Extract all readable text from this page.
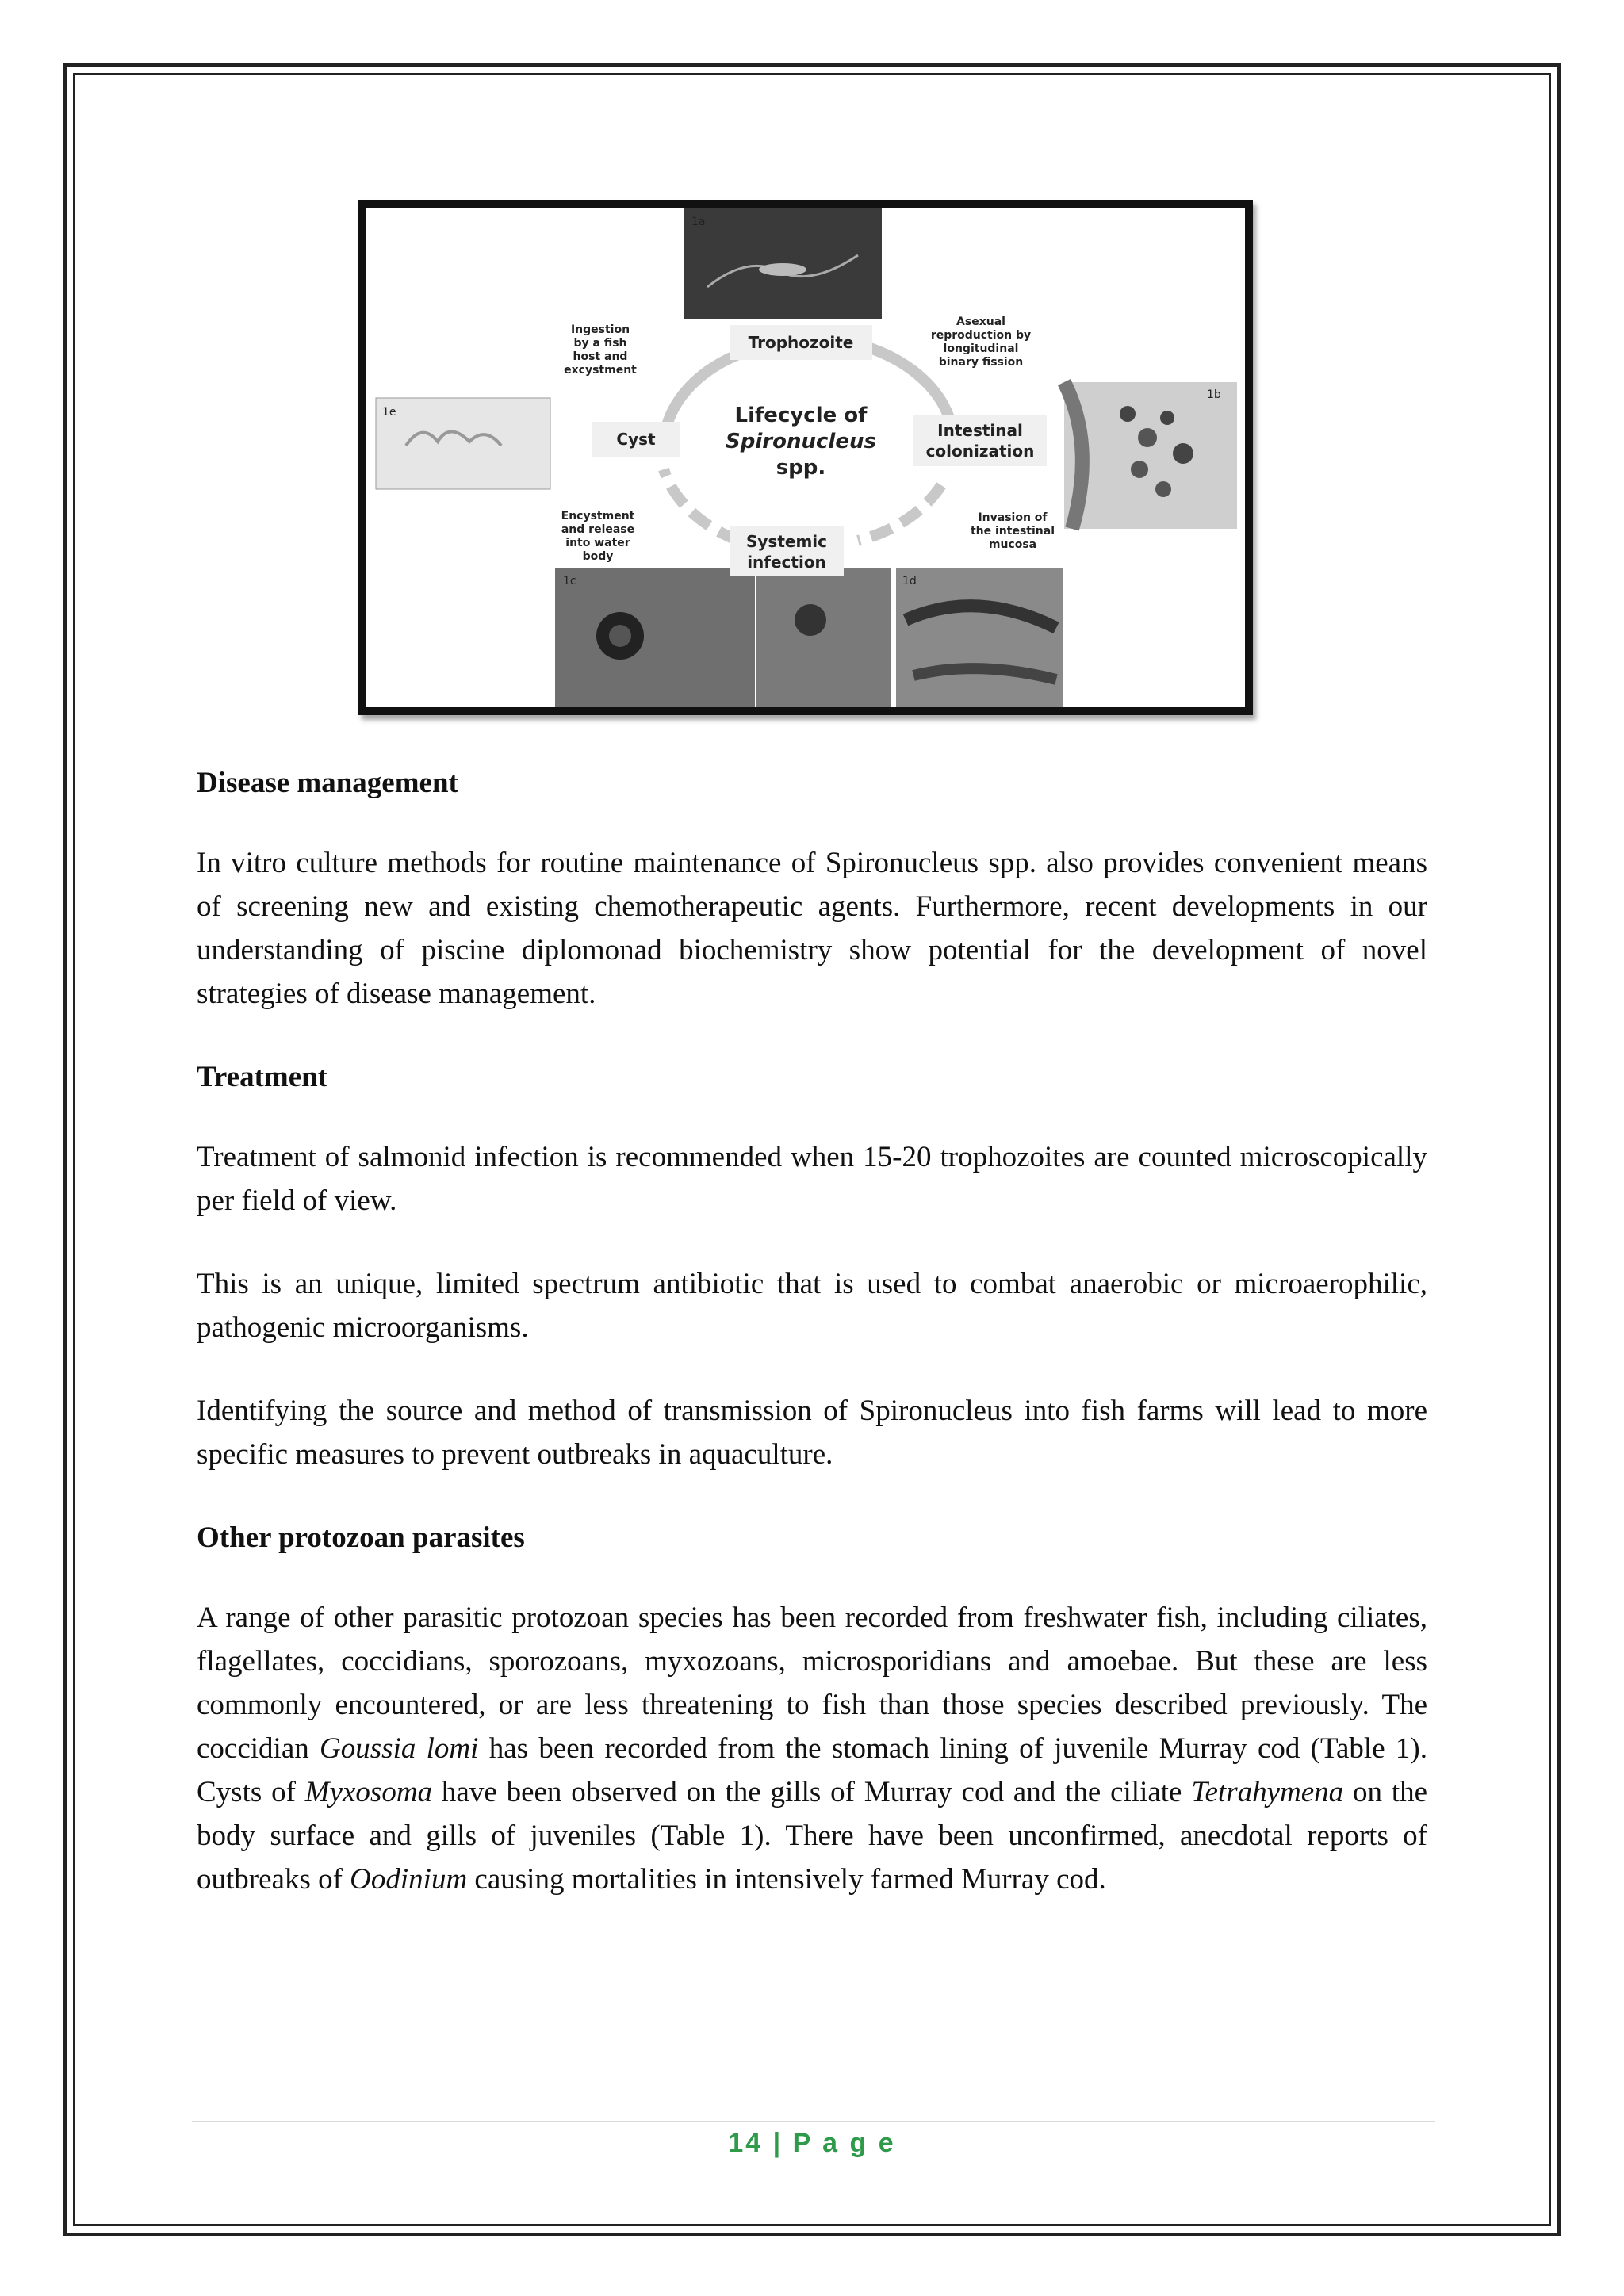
1a
1e
1b
1c	1d
Trophozoite
Cyst	Intestinal
colonization
Systemic
infection
Lifecycle of
Spironucleus
spp.
Ingestion
by a fish
host and
excystment
Asexual
reproduction by
longitudinal
binary fission
Invasion of
the intestinal
mucosa
Encystment
and release
into water
body

Disease management

In vitro culture methods for routine maintenance of Spironucleus spp. also provides convenient means of screening new and existing chemotherapeutic agents. Furthermore, recent developments in our understanding of piscine diplomonad biochemistry show potential for the development of novel strategies of disease management.

Treatment

Treatment of salmonid infection is recommended when 15-20 trophozoites are counted microscopically per field of view.

This is an unique, limited spectrum antibiotic that is used to combat anaerobic or microaerophilic, pathogenic microorganisms.

Identifying the source and method of transmission of Spironucleus into fish farms will lead to more specific measures to prevent outbreaks in aquaculture.

Other protozoan parasites

A range of other parasitic protozoan species has been recorded from freshwater fish, including ciliates, flagellates, coccidians, sporozoans, myxozoans, microsporidians and amoebae. But these are less commonly encountered, or are less threatening to fish than those species described previously. The coccidian Goussia lomi has been recorded from the stomach lining of juvenile Murray cod (Table 1). Cysts of Myxosoma have been observed on the gills of Murray cod and the ciliate Tetrahymena on the body surface and gills of juveniles (Table 1). There have been unconfirmed, anecdotal reports of outbreaks of Oodinium causing mortalities in intensively farmed Murray cod.

14 | P a g e
